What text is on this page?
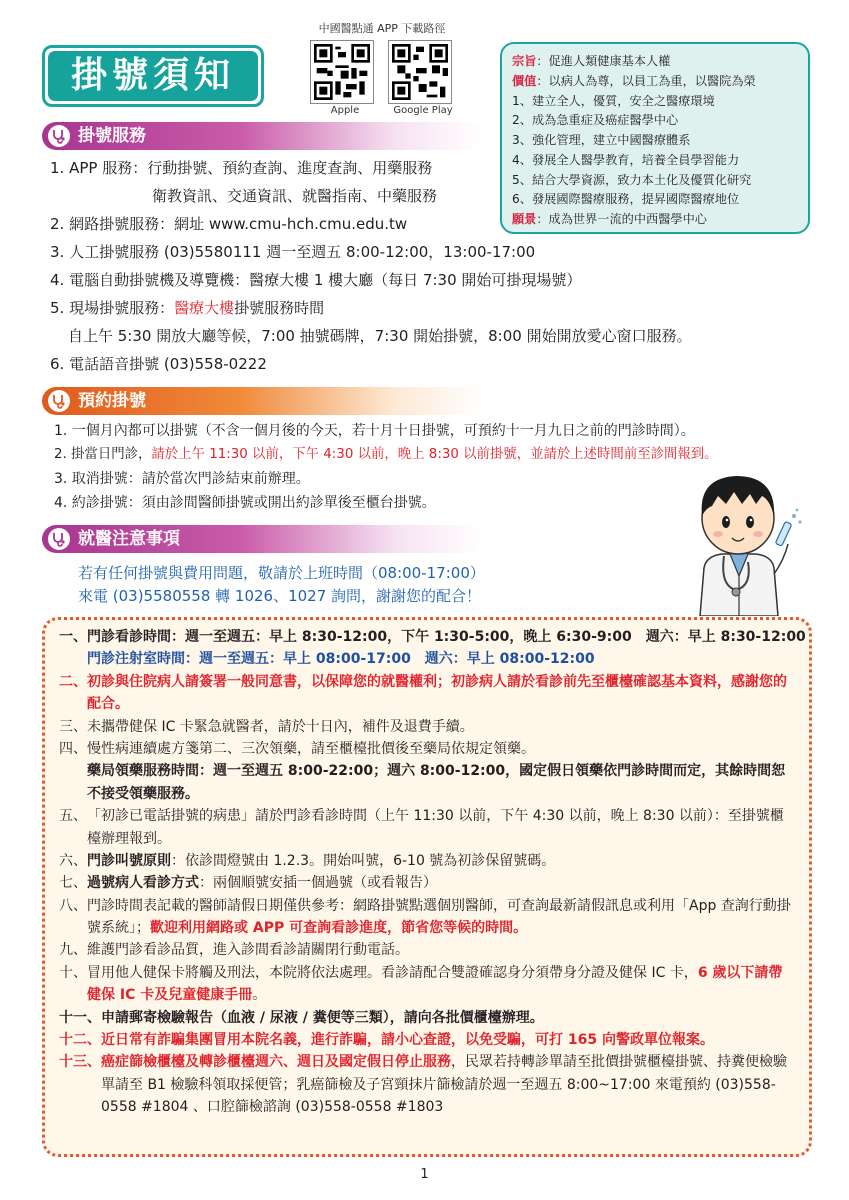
掛號須知
中國醫點通 APP 下載路徑
Apple	Google Play
宗旨：促進人類健康基本人權
價值：以病人為尊，以員工為重，以醫院為榮
1、建立全人，優質，安全之醫療環境
2、成為急重症及癌症醫學中心
3、強化管理，建立中國醫療體系
4、發展全人醫學教育，培養全員學習能力
5、結合大學資源，致力本土化及優質化研究
6、發展國際醫療服務，提昇國際醫療地位
願景：成為世界一流的中西醫學中心
掛號服務
1. APP 服務：行動掛號、預約查詢、進度查詢、用藥服務
衛教資訊、交通資訊、就醫指南、中藥服務
2. 網路掛號服務：網址 www.cmu-hch.cmu.edu.tw
3. 人工掛號服務 (03)5580111 週一至週五 8:00-12:00，13:00-17:00
4. 電腦自動掛號機及導覽機：醫療大樓 1 樓大廳（每日 7:30 開始可掛現場號）
5. 現場掛號服務：醫療大樓掛號服務時間
自上午 5:30 開放大廳等候，7:00 抽號碼牌，7:30 開始掛號，8:00 開始開放愛心窗口服務。
6. 電話語音掛號 (03)558-0222
預約掛號
1. 一個月內都可以掛號（不含一個月後的今天，若十月十日掛號，可預約十一月九日之前的門診時間）。
2. 掛當日門診，請於上午 11:30 以前，下午 4:30 以前，晚上 8:30 以前掛號，並請於上述時間前至診間報到。
3. 取消掛號：請於當次門診結束前辦理。
4. 約診掛號：須由診間醫師掛號或開出約診單後至櫃台掛號。
就醫注意事項
若有任何掛號與費用問題，敬請於上班時間（08:00-17:00）
來電 (03)5580558 轉 1026、1027 詢問，謝謝您的配合！
一、 門診看診時間：週一至週五：早上 8:30-12:00，下午 1:30-5:00，晚上 6:30-9:00　週六：早上 8:30-12:00
門診注射室時間：週一至週五：早上 08:00-17:00　週六：早上 08:00-12:00
二、 初診與住院病人請簽署一般同意書，以保障您的就醫權利；初診病人請於看診前先至櫃檯確認基本資料，感謝您的配合。
三、 未攜帶健保 IC 卡緊急就醫者，請於十日內，補件及退費手續。
四、 慢性病連續處方箋第二、三次領藥，請至櫃檯批價後至藥局依規定領藥。
藥局領藥服務時間：週一至週五 8:00-22:00；週六 8:00-12:00，國定假日領藥依門診時間而定，其餘時間恕不接受領藥服務。
五、 「初診已電話掛號的病患」請於門診看診時間（上午 11:30 以前，下午 4:30 以前，晚上 8:30 以前）：至掛號櫃檯辦理報到。
六、 門診叫號原則：依診間燈號由 1.2.3。開始叫號，6-10 號為初診保留號碼。
七、 過號病人看診方式：兩個順號安插一個過號（或看報告）
八、 門診時間表記載的醫師請假日期僅供參考：網路掛號點選個別醫師，可查詢最新請假訊息或利用「App 查詢行動掛號系統」；歡迎利用網路或 APP 可查詢看診進度，節省您等候的時間。
九、 維護門診看診品質，進入診間看診請關閉行動電話。
十、 冒用他人健保卡將觸及刑法，本院將依法處理。看診請配合雙證確認身分須帶身分證及健保 IC 卡，6 歲以下請帶健保 IC 卡及兒童健康手冊。
十一、 申請郵寄檢驗報告（血液 / 尿液 / 糞便等三類），請向各批價櫃檯辦理。
十二、 近日常有詐騙集團冒用本院名義，進行詐騙，請小心查證，以免受騙，可打 165 向警政單位報案。
十三、 癌症篩檢櫃檯及轉診櫃檯週六、週日及國定假日停止服務，民眾若持轉診單請至批價掛號櫃檯掛號、持糞便檢驗單請至 B1 檢驗科領取採便管；乳癌篩檢及子宮頸抹片篩檢請於週一至週五 8:00~17:00 來電預約 (03)558-0558 #1804 、口腔篩檢諮詢 (03)558-0558 #1803
1
